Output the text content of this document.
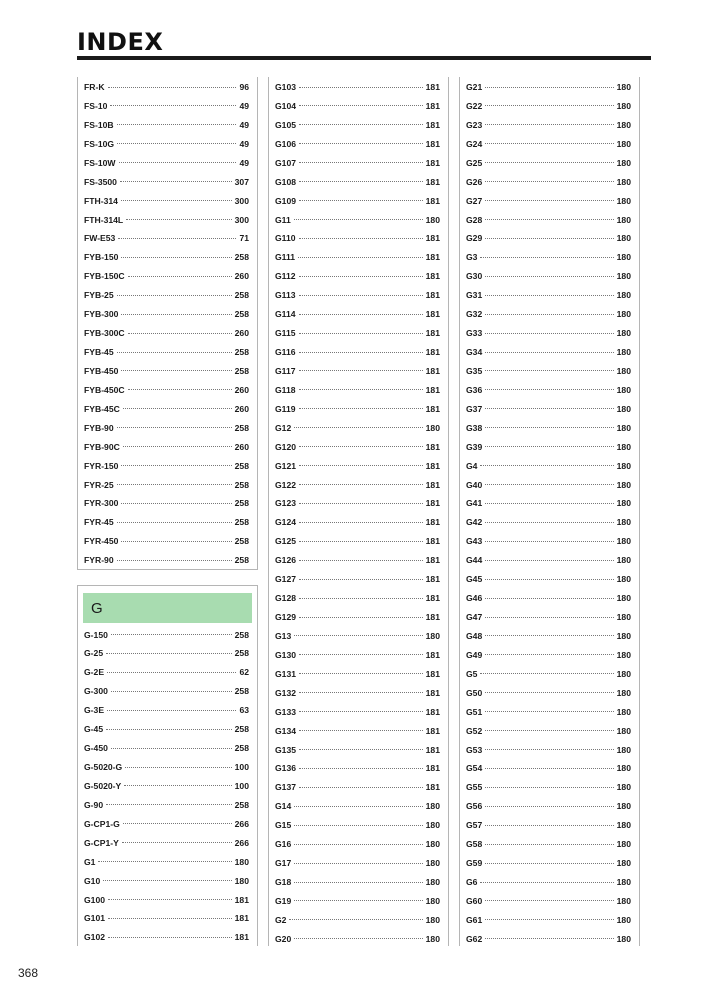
INDEX
G
FR-K	96
FS-10	49
FS-10B	49
FS-10G	49
FS-10W	49
FS-3500	307
FTH-314	300
FTH-314L	300
FW-E53	71
FYB-150	258
FYB-150C	260
FYB-25	258
FYB-300	258
FYB-300C	260
FYB-45	258
FYB-450	258
FYB-450C	260
FYB-45C	260
FYB-90	258
FYB-90C	260
FYR-150	258
FYR-25	258
FYR-300	258
FYR-45	258
FYR-450	258
FYR-90	258
G-150	258
G-25	258
G-2E	62
G-300	258
G-3E	63
G-45	258
G-450	258
G-5020-G	100
G-5020-Y	100
G-90	258
G-CP1-G	266
G-CP1-Y	266
G1	180
G10	180
G100	181
G101	181
G102	181
G103	181
G104	181
G105	181
G106	181
G107	181
G108	181
G109	181
G11	180
G110	181
G111	181
G112	181
G113	181
G114	181
G115	181
G116	181
G117	181
G118	181
G119	181
G12	180
G120	181
G121	181
G122	181
G123	181
G124	181
G125	181
G126	181
G127	181
G128	181
G129	181
G13	180
G130	181
G131	181
G132	181
G133	181
G134	181
G135	181
G136	181
G137	181
G14	180
G15	180
G16	180
G17	180
G18	180
G19	180
G2	180
G20	180
G21	180
G22	180
G23	180
G24	180
G25	180
G26	180
G27	180
G28	180
G29	180
G3	180
G30	180
G31	180
G32	180
G33	180
G34	180
G35	180
G36	180
G37	180
G38	180
G39	180
G4	180
G40	180
G41	180
G42	180
G43	180
G44	180
G45	180
G46	180
G47	180
G48	180
G49	180
G5	180
G50	180
G51	180
G52	180
G53	180
G54	180
G55	180
G56	180
G57	180
G58	180
G59	180
G6	180
G60	180
G61	180
G62	180
368
